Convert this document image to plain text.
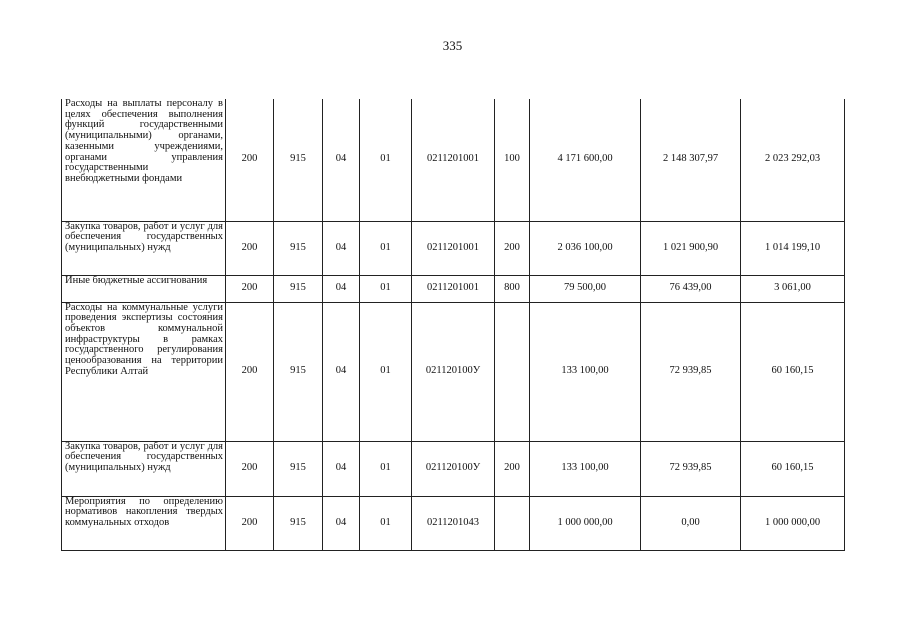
335
Расходы на выплаты персоналу в целях обеспечения выполнения функций государственными (муниципальными) органами, казенными учреждениями, органами управления государственными внебюджетными фондами	200	915	04	01	0211201001	100	4 171 600,00	2 148 307,97	2 023 292,03

Закупка товаров, работ и услуг для обеспечения государственных (муниципальных) нужд	200	915	04	01	0211201001	200	2 036 100,00	1 021 900,90	1 014 199,10

Иные бюджетные ассигнования	200	915	04	01	0211201001	800	79 500,00	76 439,00	3 061,00

Расходы на коммунальные услуги проведения экспертизы состояния объектов коммунальной инфраструктуры в рамках государственного регулирования ценообразования на территории Республики Алтай	200	915	04	01	021120100У		133 100,00	72 939,85	60 160,15

Закупка товаров, работ и услуг для обеспечения государственных (муниципальных) нужд	200	915	04	01	021120100У	200	133 100,00	72 939,85	60 160,15

Мероприятия по определению нормативов накопления твердых коммунальных отходов	200	915	04	01	0211201043		1 000 000,00	0,00	1 000 000,00
